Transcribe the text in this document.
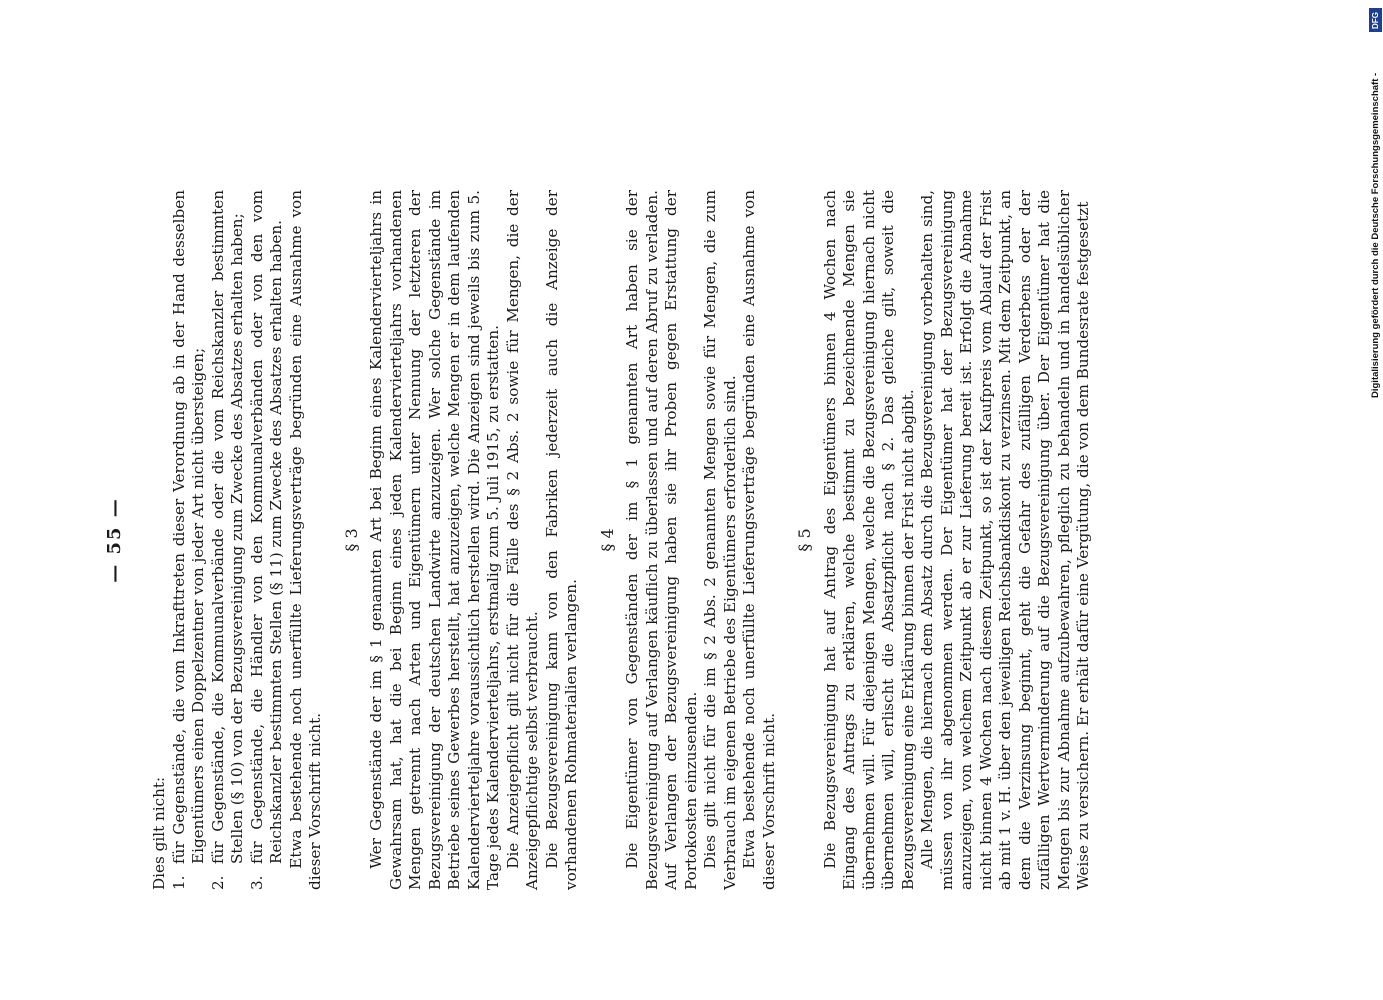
— 55 —

Dies gilt nicht: 1.
für Gegenstände, die vom Inkrafttreten dieser Verordnung ab in der Hand desselben Eigentümers einen Doppelzentner von jeder Art nicht übersteigen;
2.
für Gegenstände, die Kommunalverbände oder die vom Reichskanzler bestimmten Stellen (§ 10) von der Bezugsvereinigung zum Zwecke des Absatzes erhalten haben;
3.
für Gegenstände, die Händler von den Kommunalverbänden oder von den vom Reichskanzler bestimmten Stellen (§ 11) zum Zwecke des Absatzes erhalten haben. Etwa bestehende noch unerfüllte Lieferungsverträge begründen eine Ausnahme von dieser Vorschrift nicht.

§ 3 Wer Gegenstände der im § 1 genannten Art bei Beginn eines Kalendervierteljahrs in Gewahrsam hat, hat die bei Beginn eines jeden Kalendervierteljahrs vorhandenen Mengen getrennt nach Arten und Eigentümern unter Nennung der letzteren der Bezugsvereinigung der deutschen Landwirte anzuzeigen. Wer solche Gegenstände im Betriebe seines Gewerbes herstellt, hat anzuzeigen, welche Mengen er in dem laufenden Kalendervierteljahre voraussichtlich herstellen wird. Die Anzeigen sind jeweils bis zum 5. Tage jedes Kalendervierteljahrs, erstmalig zum 5. Juli 1915, zu erstatten. Die Anzeigepflicht gilt nicht für die Fälle des § 2 Abs. 2 sowie für Mengen, die der Anzeigepflichtige selbst verbraucht. Die Bezugsvereinigung kann von den Fabriken jederzeit auch die Anzeige der vorhandenen Rohmaterialien verlangen.

§ 4 Die Eigentümer von Gegenständen der im § 1 genannten Art haben sie der Bezugsvereinigung auf Verlangen käuflich zu überlassen und auf deren Abruf zu verladen. Auf Verlangen der Bezugsvereinigung haben sie ihr Proben gegen Erstattung der Portokosten einzusenden. Dies gilt nicht für die im § 2 Abs. 2 genannten Mengen sowie für Mengen, die zum Verbrauch im eigenen Betriebe des Eigentümers erforderlich sind. Etwa bestehende noch unerfüllte Lieferungsverträge begründen eine Ausnahme von dieser Vorschrift nicht.

§ 5 Die Bezugsvereinigung hat auf Antrag des Eigentümers binnen 4 Wochen nach Eingang des Antrags zu erklären, welche bestimmt zu bezeichnende Mengen sie übernehmen will. Für diejenigen Mengen, welche die Bezugsvereinigung hiernach nicht übernehmen will, erlischt die Absatzpflicht nach § 2. Das gleiche gilt, soweit die Bezugsvereinigung eine Erklärung binnen der Frist nicht abgibt. Alle Mengen, die hiernach dem Absatz durch die Bezugsvereinigung vorbehalten sind, müssen von ihr abgenommen werden. Der Eigentümer hat der Bezugsvereinigung anzuzeigen, von welchem Zeitpunkt ab er zur Lieferung bereit ist. Erfolgt die Abnahme nicht binnen 4 Wochen nach diesem Zeitpunkt, so ist der Kaufpreis vom Ablauf der Frist ab mit 1 v. H. über den jeweiligen Reichsbankdiskont zu verzinsen. Mit dem Zeitpunkt, an dem die Verzinsung beginnt, geht die Gefahr des zufälligen Verderbens oder der zufälligen Wertverminderung auf die Bezugsvereinigung über. Der Eigentümer hat die Mengen bis zur Abnahme aufzubewahren, pfleglich zu behandeln und in handelsüblicher Weise zu versichern. Er erhält dafür eine Vergütung, die von dem Bundesrate festgesetzt

DFG
Digitalisierung gefördert durch die Deutsche Forschungsgemeinschaft -
